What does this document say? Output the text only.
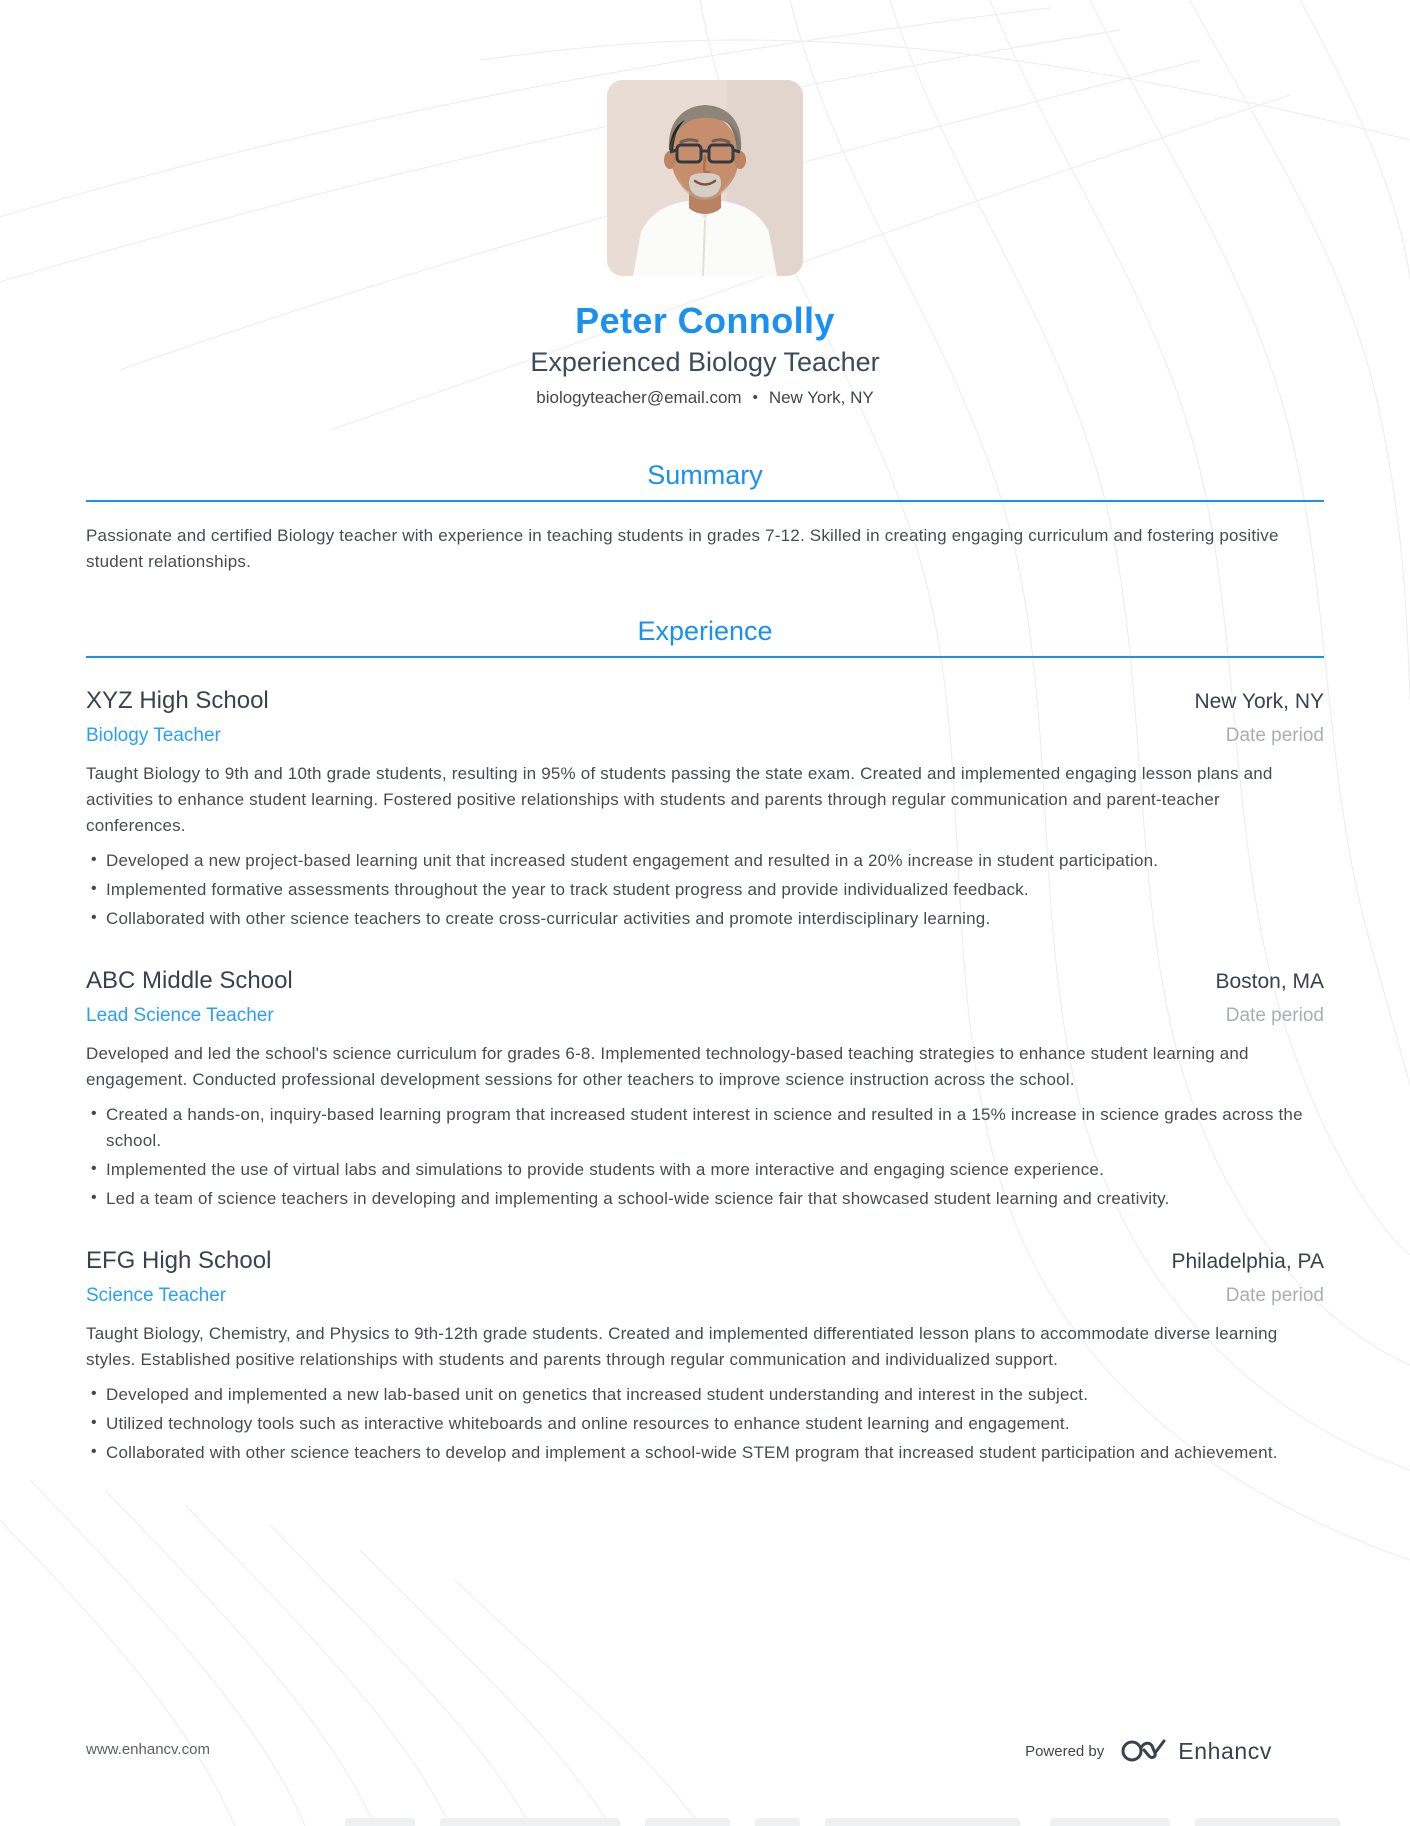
Peter Connolly
Experienced Biology Teacher
biologyteacher@email.com • New York, NY
Summary
Passionate and certified Biology teacher with experience in teaching students in grades 7-12. Skilled in creating engaging curriculum and fostering positive student relationships.
Experience
XYZ High School	New York, NY
Biology Teacher	Date period
Taught Biology to 9th and 10th grade students, resulting in 95% of students passing the state exam. Created and implemented engaging lesson plans and activities to enhance student learning. Fostered positive relationships with students and parents through regular communication and parent-teacher conferences.
• Developed a new project-based learning unit that increased student engagement and resulted in a 20% increase in student participation.
• Implemented formative assessments throughout the year to track student progress and provide individualized feedback.
• Collaborated with other science teachers to create cross-curricular activities and promote interdisciplinary learning.
ABC Middle School	Boston, MA
Lead Science Teacher	Date period
Developed and led the school's science curriculum for grades 6-8. Implemented technology-based teaching strategies to enhance student learning and engagement. Conducted professional development sessions for other teachers to improve science instruction across the school.
• Created a hands-on, inquiry-based learning program that increased student interest in science and resulted in a 15% increase in science grades across the school.
• Implemented the use of virtual labs and simulations to provide students with a more interactive and engaging science experience.
• Led a team of science teachers in developing and implementing a school-wide science fair that showcased student learning and creativity.
EFG High School	Philadelphia, PA
Science Teacher	Date period
Taught Biology, Chemistry, and Physics to 9th-12th grade students. Created and implemented differentiated lesson plans to accommodate diverse learning styles. Established positive relationships with students and parents through regular communication and individualized support.
• Developed and implemented a new lab-based unit on genetics that increased student understanding and interest in the subject.
• Utilized technology tools such as interactive whiteboards and online resources to enhance student learning and engagement.
• Collaborated with other science teachers to develop and implement a school-wide STEM program that increased student participation and achievement.
www.enhancv.com	Powered by	Enhancv
